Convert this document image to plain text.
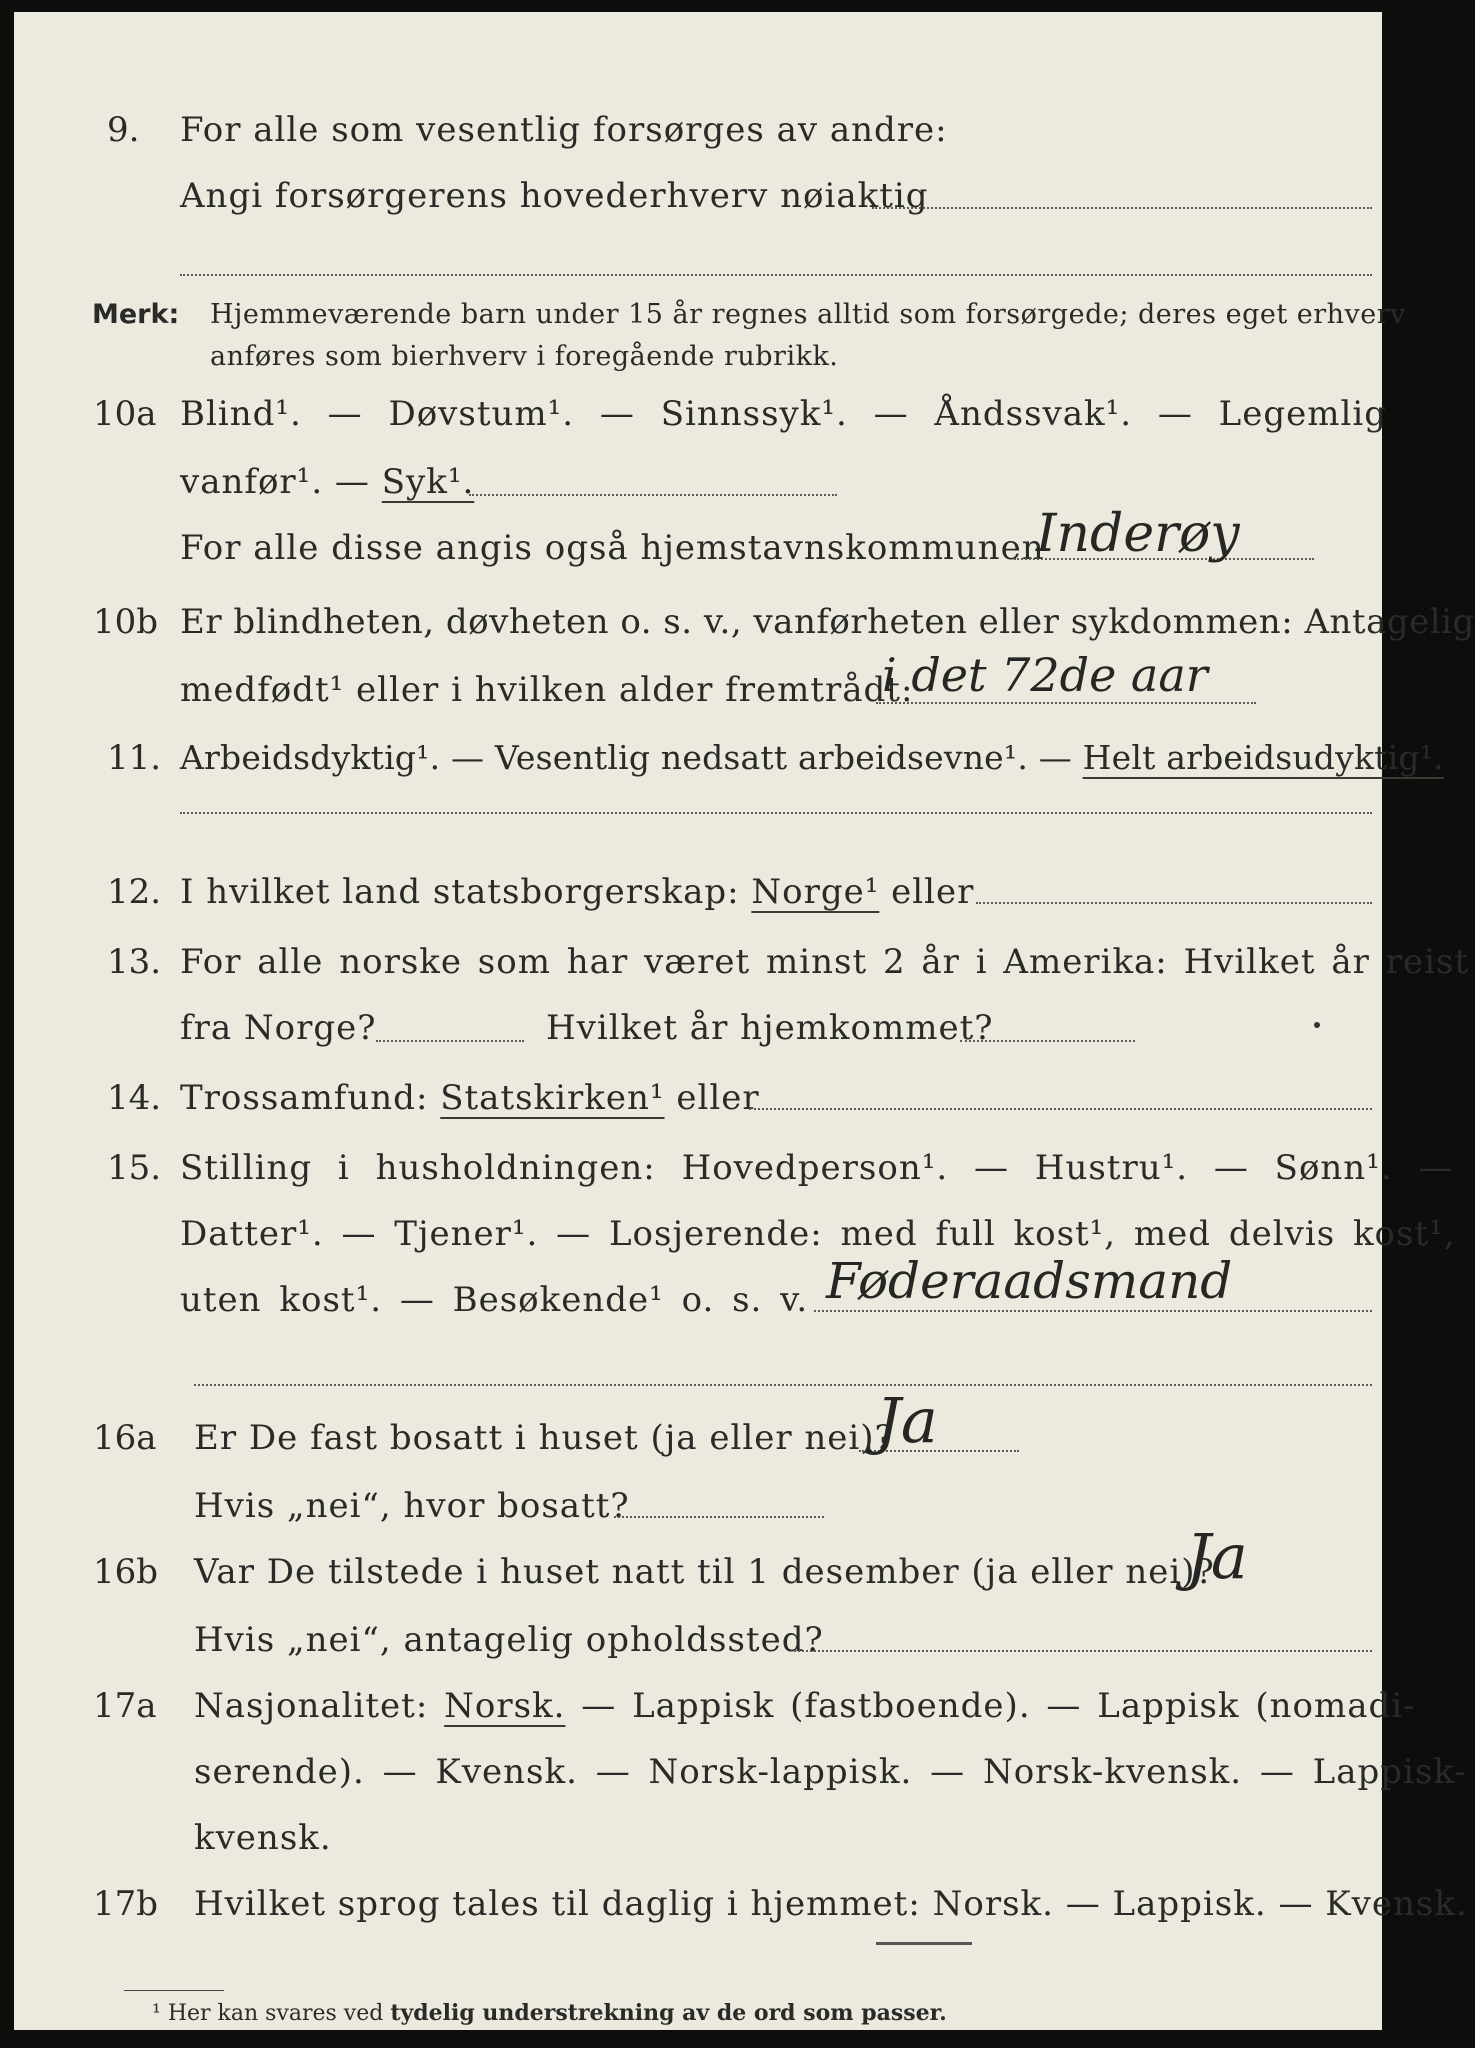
9. For alle som vesentlig forsørges av andre:
Angi forsørgerens hovederhverv nøiaktig
Merk: Hjemmeværende barn under 15 år regnes alltid som forsørgede; deres eget erhverv
anføres som bierhverv i foregående rubrikk.
10a Blind¹. — Døvstum¹. — Sinnssyk¹. — Åndssvak¹. — Legemlig
vanfør¹. — Syk¹.
For alle disse angis også hjemstavnskommunen
Inderøy
10b Er blindheten, døvheten o. s. v., vanførheten eller sykdommen: Antagelig
medfødt¹ eller i hvilken alder fremtrådt:
i det 72de aar
11. Arbeidsdyktig¹. — Vesentlig nedsatt arbeidsevne¹. — Helt arbeidsudyktig¹.
12. I hvilket land statsborgerskap: Norge¹ eller
13. For alle norske som har været minst 2 år i Amerika: Hvilket år reist
fra Norge?	Hvilket år hjemkommet?
14. Trossamfund: Statskirken¹ eller
15. Stilling i husholdningen: Hovedperson¹. — Hustru¹. — Sønn¹. —
Datter¹. — Tjener¹. — Losjerende: med full kost¹, med delvis kost¹,
uten kost¹. — Besøkende¹ o. s. v. Føderaadsmand
16a Er De fast bosatt i huset (ja eller nei)?
Ja
Hvis „nei“, hvor bosatt?
16b Var De tilstede i huset natt til 1 desember (ja eller nei)?
Ja
Hvis „nei“, antagelig opholdssted?
17a Nasjonalitet: Norsk. — Lappisk (fastboende). — Lappisk (nomadi-
serende). — Kvensk. — Norsk-lappisk. — Norsk-kvensk. — Lappisk-
kvensk.
17b Hvilket sprog tales til daglig i hjemmet: Norsk. — Lappisk. — Kvensk.
¹ Her kan svares ved tydelig understrekning av de ord som passer.
